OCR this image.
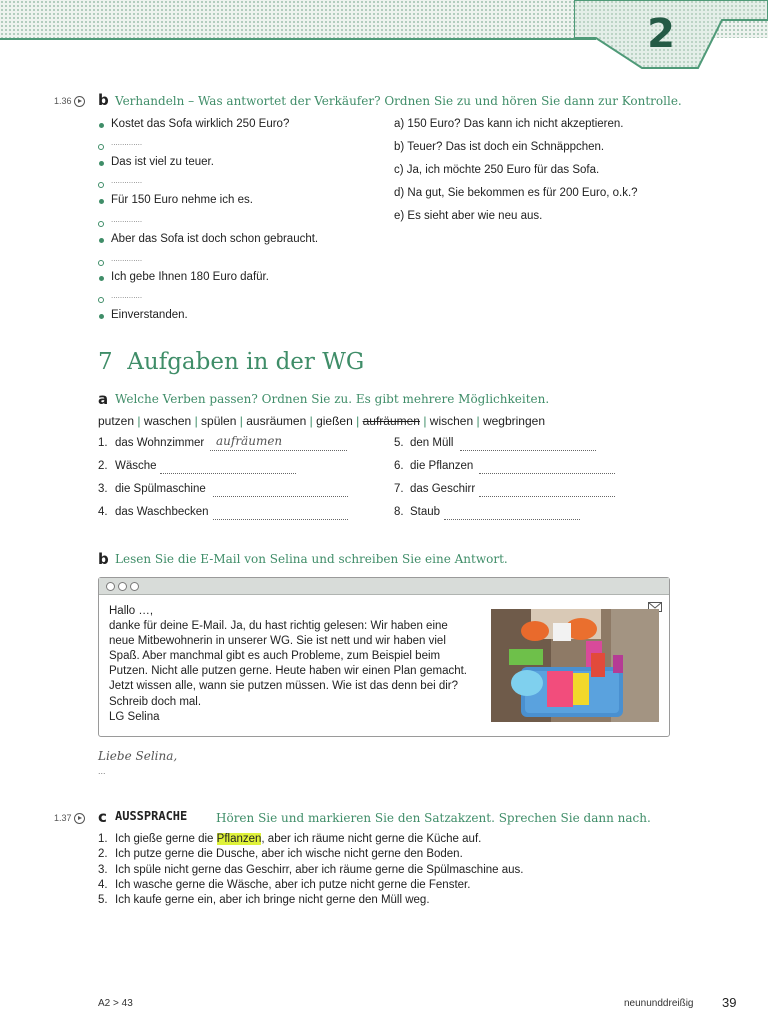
2
1.36	b Verhandeln – Was antwortet der Verkäufer? Ordnen Sie zu und hören Sie dann zur Kontrolle.
Kostet das Sofa wirklich 250 Euro?
..............
Das ist viel zu teuer.
..............
Für 150 Euro nehme ich es.
..............
Aber das Sofa ist doch schon gebraucht.
..............
Ich gebe Ihnen 180 Euro dafür.
..............
Einverstanden.
a) 150 Euro? Das kann ich nicht akzeptieren.
b) Teuer? Das ist doch ein Schnäppchen.
c) Ja, ich möchte 250 Euro für das Sofa.
d) Na gut, Sie bekommen es für 200 Euro, o.k.?
e) Es sieht aber wie neu aus.
7 Aufgaben in der WG
a Welche Verben passen? Ordnen Sie zu. Es gibt mehrere Möglichkeiten.
putzen | waschen | spülen | ausräumen | gießen | aufräumen | wischen | wegbringen
1. das Wohnzimmer aufräumen
2. Wäsche
3. die Spülmaschine
4. das Waschbecken
5. den Müll
6. die Pflanzen
7. das Geschirr
8. Staub
b Lesen Sie die E-Mail von Selina und schreiben Sie eine Antwort.
Hallo …,
danke für deine E-Mail. Ja, du hast richtig gelesen: Wir haben eine
neue Mitbewohnerin in unserer WG. Sie ist nett und wir haben viel
Spaß. Aber manchmal gibt es auch Probleme, zum Beispiel beim
Putzen. Nicht alle putzen gerne. Heute haben wir einen Plan gemacht.
Jetzt wissen alle, wann sie putzen müssen. Wie ist das denn bei dir?
Schreib doch mal.
LG Selina
Liebe Selina,
...
1.37	c AUSSPRACHE Hören Sie und markieren Sie den Satzakzent. Sprechen Sie dann nach.
1. Ich gieße gerne die Pflanzen, aber ich räume nicht gerne die Küche auf.
2. Ich putze gerne die Dusche, aber ich wische nicht gerne den Boden.
3. Ich spüle nicht gerne das Geschirr, aber ich räume gerne die Spülmaschine aus.
4. Ich wasche gerne die Wäsche, aber ich putze nicht gerne die Fenster.
5. Ich kaufe gerne ein, aber ich bringe nicht gerne den Müll weg.
A2 > 43	neununddreißig 39
